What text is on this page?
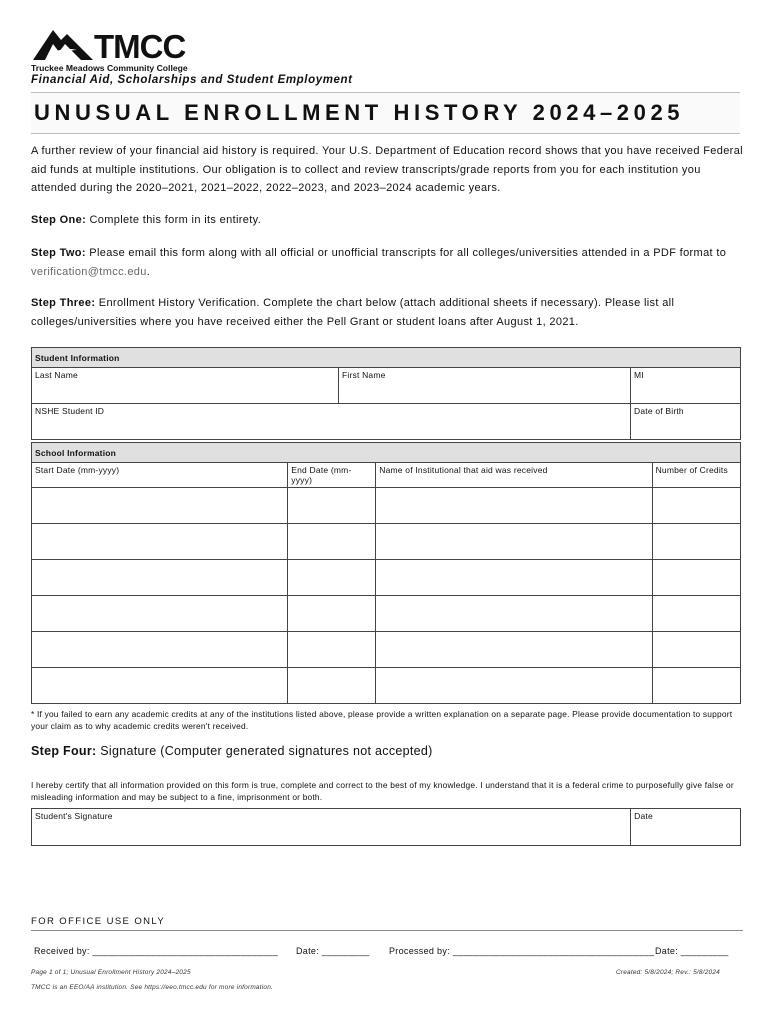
TMCC
Truckee Meadows Community College
Financial Aid, Scholarships and Student Employment
UNUSUAL ENROLLMENT HISTORY 2024–2025
A further review of your financial aid history is required. Your U.S. Department of Education record shows that you have received Federal aid funds at multiple institutions. Our obligation is to collect and review transcripts/grade reports from you for each institution you attended during the 2020–2021, 2021–2022, 2022–2023, and 2023–2024 academic years.
Step One: Complete this form in its entirety.
Step Two: Please email this form along with all official or unofficial transcripts for all colleges/universities attended in a PDF format to verification@tmcc.edu.
Step Three: Enrollment History Verification. Complete the chart below (attach additional sheets if necessary). Please list all colleges/universities where you have received either the Pell Grant or student loans after August 1, 2021.
Student Information		
Last Name	First Name	MI
NSHE Student ID		Date of Birth
School Information			
Start Date (mm-yyyy)	End Date (mm-yyyy)	Name of Institutional that aid was received	Number of Credits

* If you failed to earn any academic credits at any of the institutions listed above, please provide a written explanation on a separate page. Please provide documentation to support your claim as to why academic credits weren't received.
Step Four: Signature (Computer generated signatures not accepted)
I hereby certify that all information provided on this form is true, complete and correct to the best of my knowledge. I understand that it is a federal crime to purposefully give false or misleading information and may be subject to a fine, imprisonment or both.
Student's Signature	Date
FOR OFFICE USE ONLY
Received by: ___________________________________ Date: _________ Processed by: ______________________________________ Date: _________
Page 1 of 1; Unusual Enrollment History 2024–2025	Created: 5/8/2024; Rev.: 5/8/2024
TMCC is an EEO/AA institution. See https://eeo.tmcc.edu for more information.
